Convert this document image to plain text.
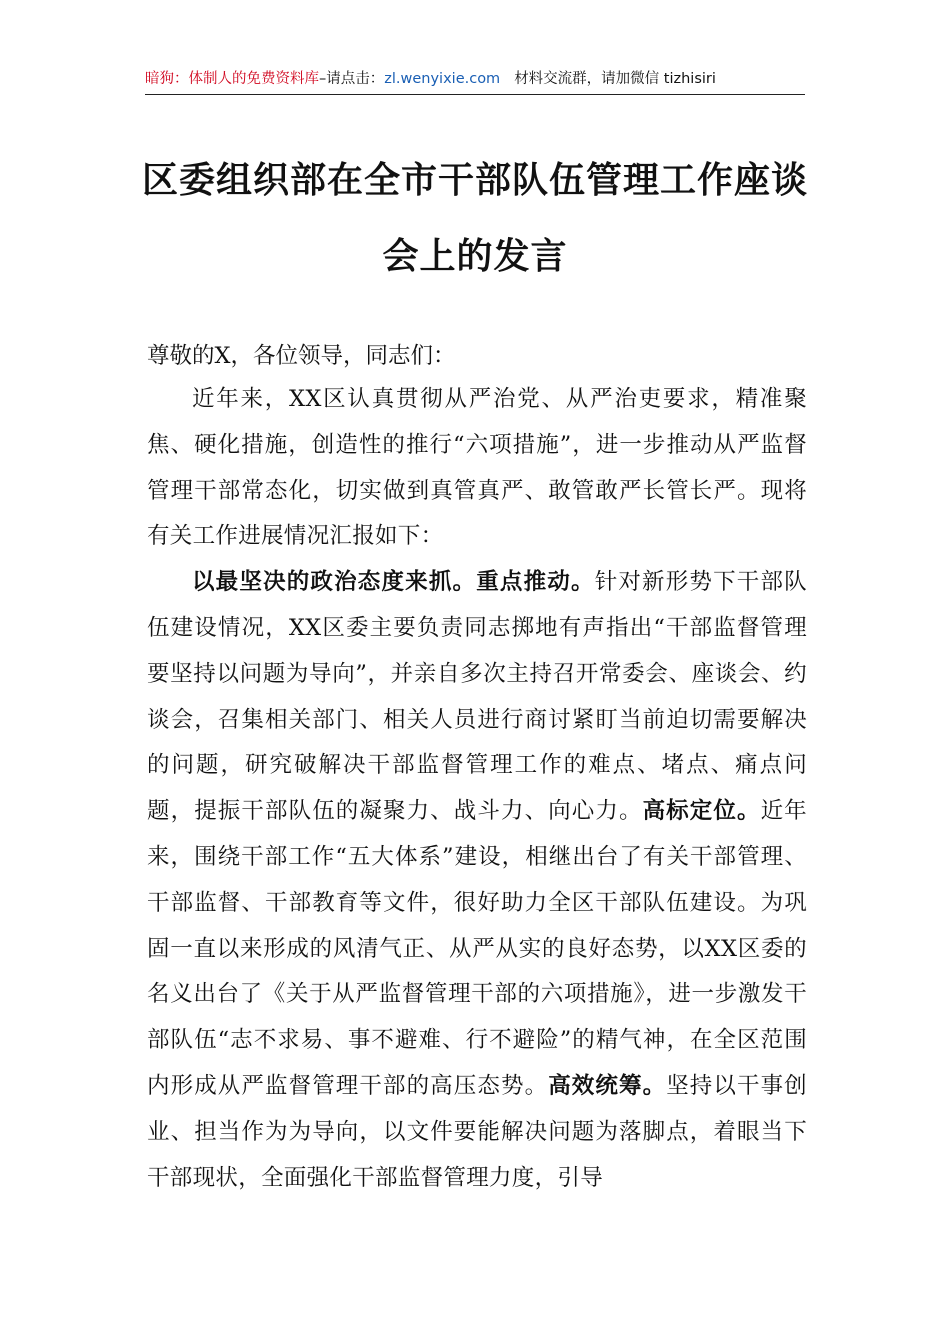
暗狗：体制人的免费资料库–请点击：zl.wenyixie.com 材料交流群，请加微信 tizhisiri
区委组织部在全市干部队伍管理工作座谈
会上的发言
尊敬的X，各位领导，同志们：

近年来，XX区认真贯彻从严治党、从严治吏要求，精准聚焦、硬化措施，创造性的推行“六项措施”，进一步推动从严监督管理干部常态化，切实做到真管真严、敢管敢严长管长严。现将有关工作进展情况汇报如下：

以最坚决的政治态度来抓。重点推动。针对新形势下干部队伍建设情况，XX区委主要负责同志掷地有声指出“干部监督管理要坚持以问题为导向”，并亲自多次主持召开常委会、座谈会、约谈会，召集相关部门、相关人员进行商讨紧盯当前迫切需要解决的问题，研究破解决干部监督管理工作的难点、堵点、痛点问题，提振干部队伍的凝聚力、战斗力、向心力。高标定位。近年来，围绕干部工作“五大体系”建设，相继出台了有关干部管理、干部监督、干部教育等文件，很好助力全区干部队伍建设。为巩固一直以来形成的风清气正、从严从实的良好态势，以XX区委的名义出台了《关于从严监督管理干部的六项措施》，进一步激发干部队伍“志不求易、事不避难、行不避险”的精气神，在全区范围内形成从严监督管理干部的高压态势。高效统筹。坚持以干事创业、担当作为为导向，以文件要能解决问题为落脚点，着眼当下干部现状，全面强化干部监督管理力度，引导
